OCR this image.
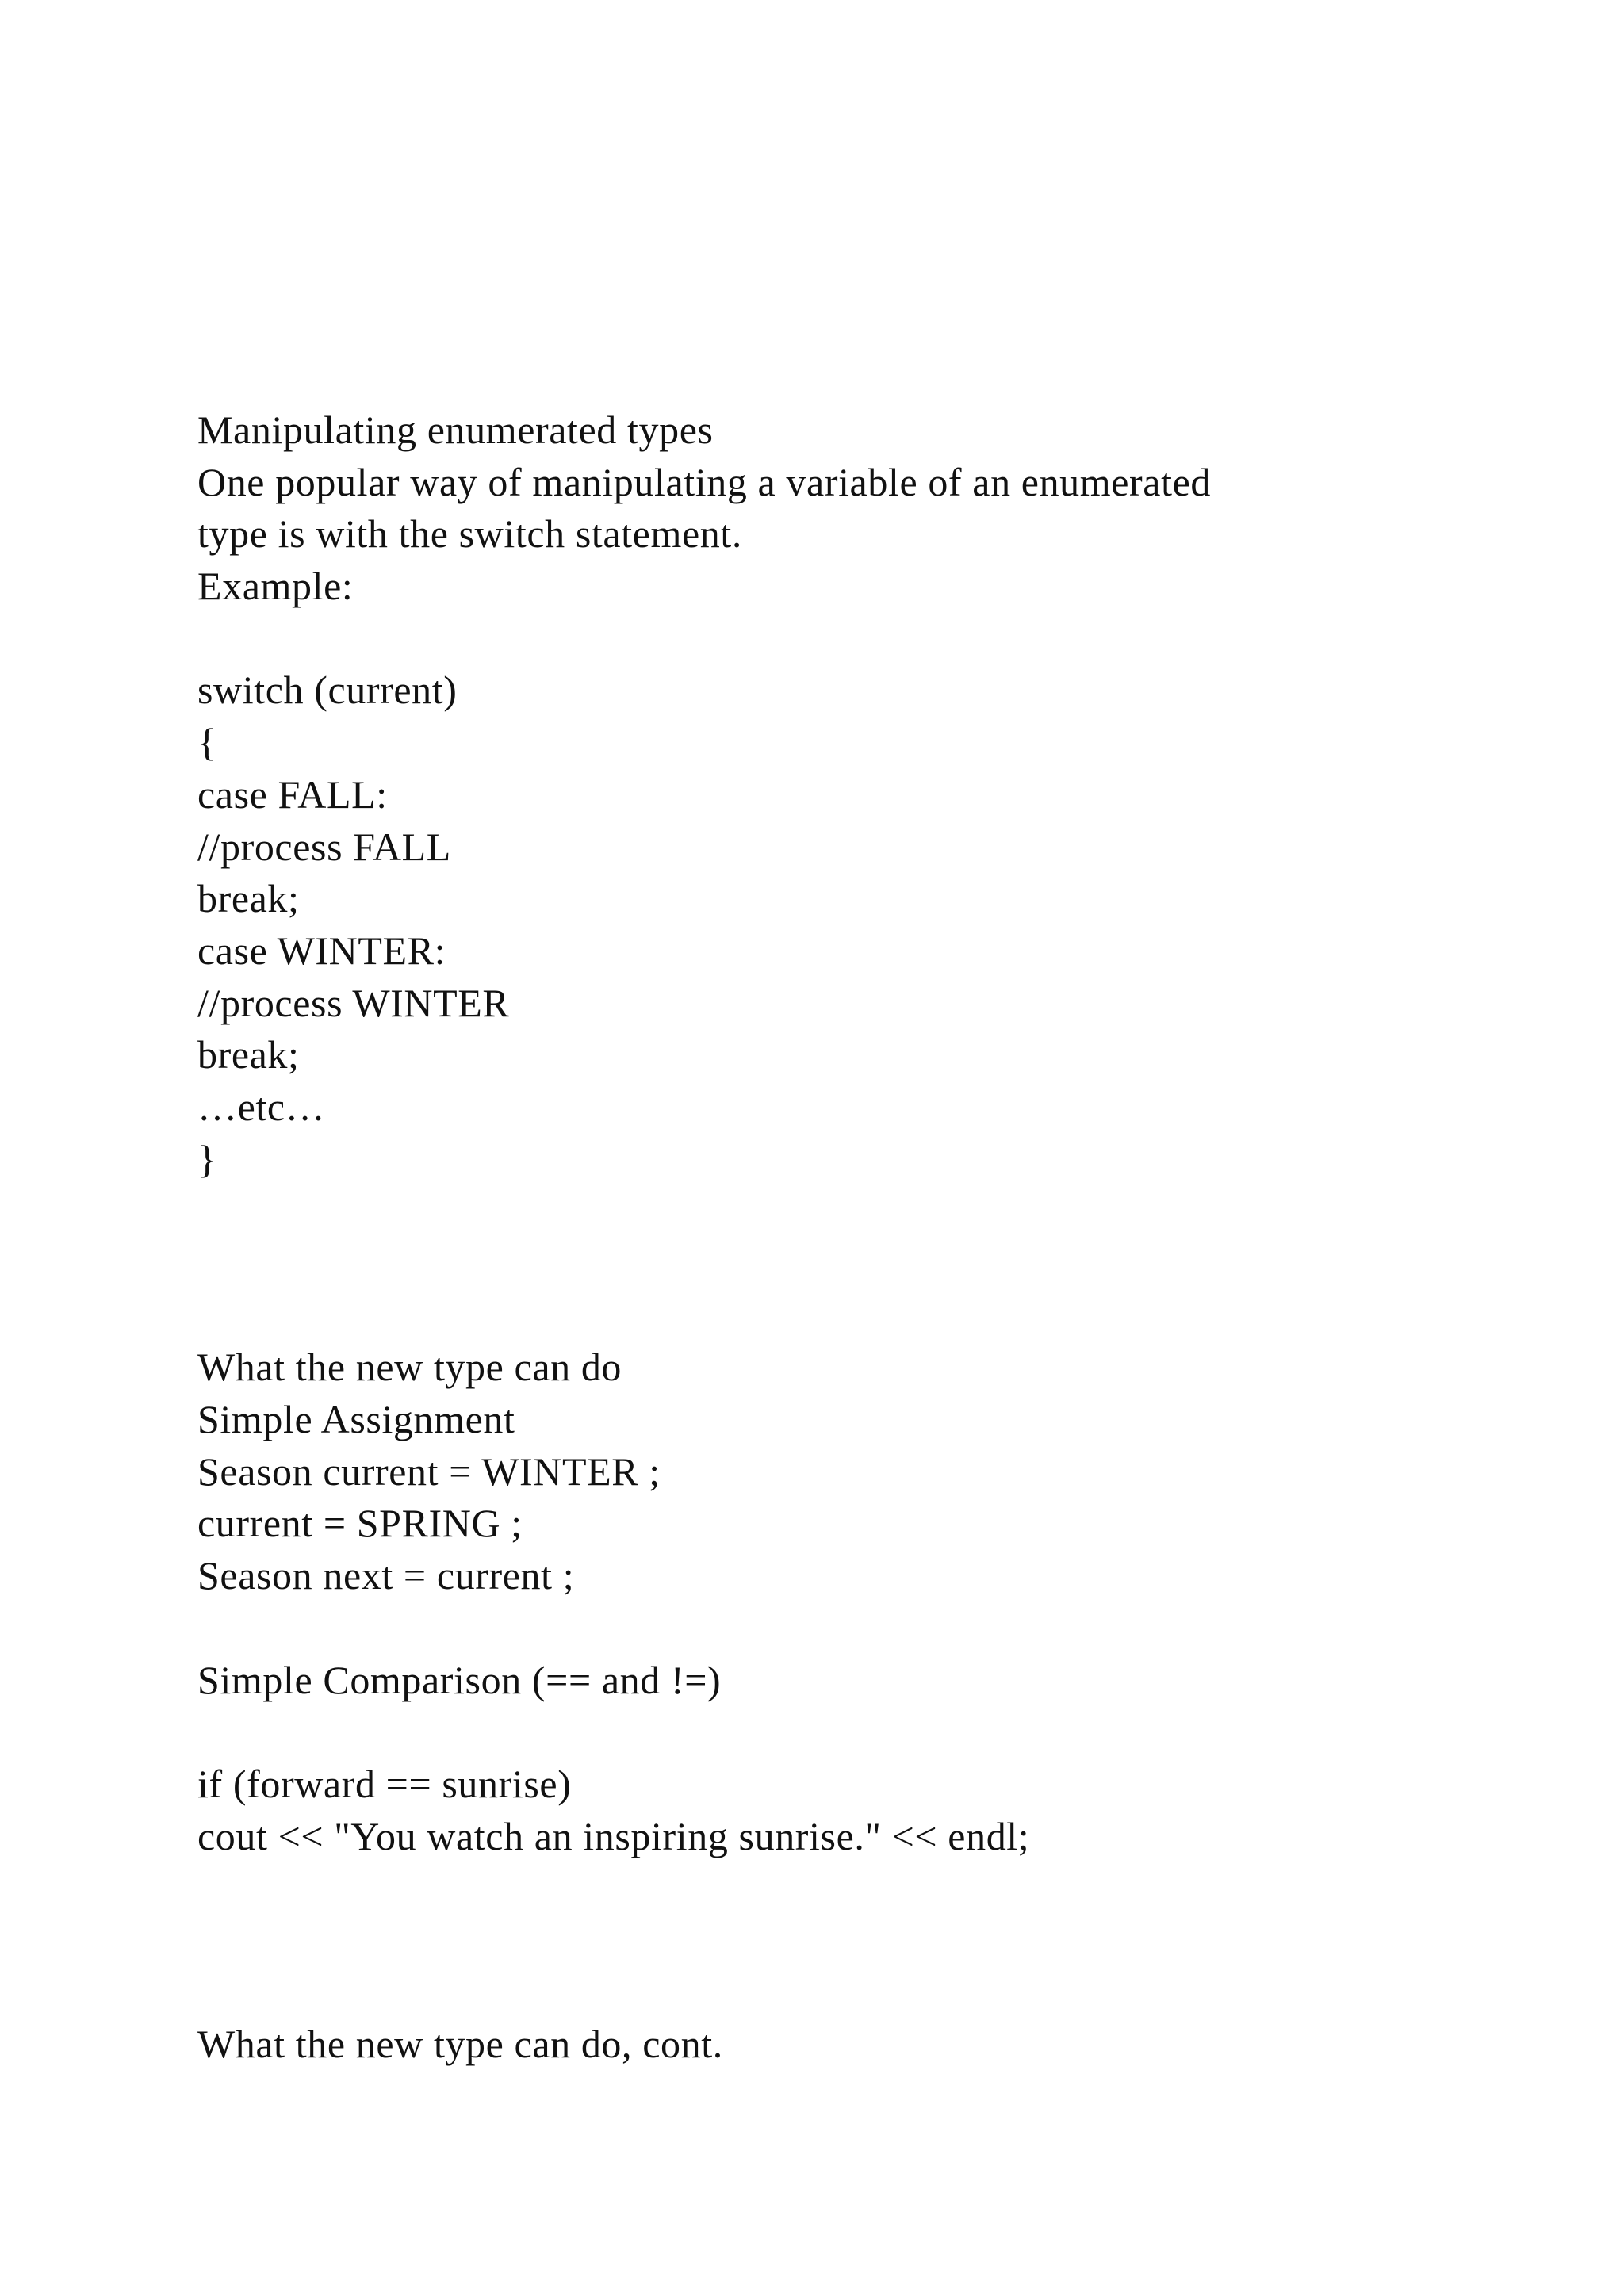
Manipulating enumerated types
One popular way of manipulating a variable of an enumerated
type is with the switch statement.
Example:
switch (current)
{
case FALL:
//process FALL
break;
case WINTER:
//process WINTER
break;
…etc…
}
What the new type can do
Simple Assignment
Season current = WINTER ;
current = SPRING ;
Season next = current ;
Simple Comparison (== and !=)
if (forward == sunrise)
cout << "You watch an inspiring sunrise." << endl;
What the new type can do, cont.
